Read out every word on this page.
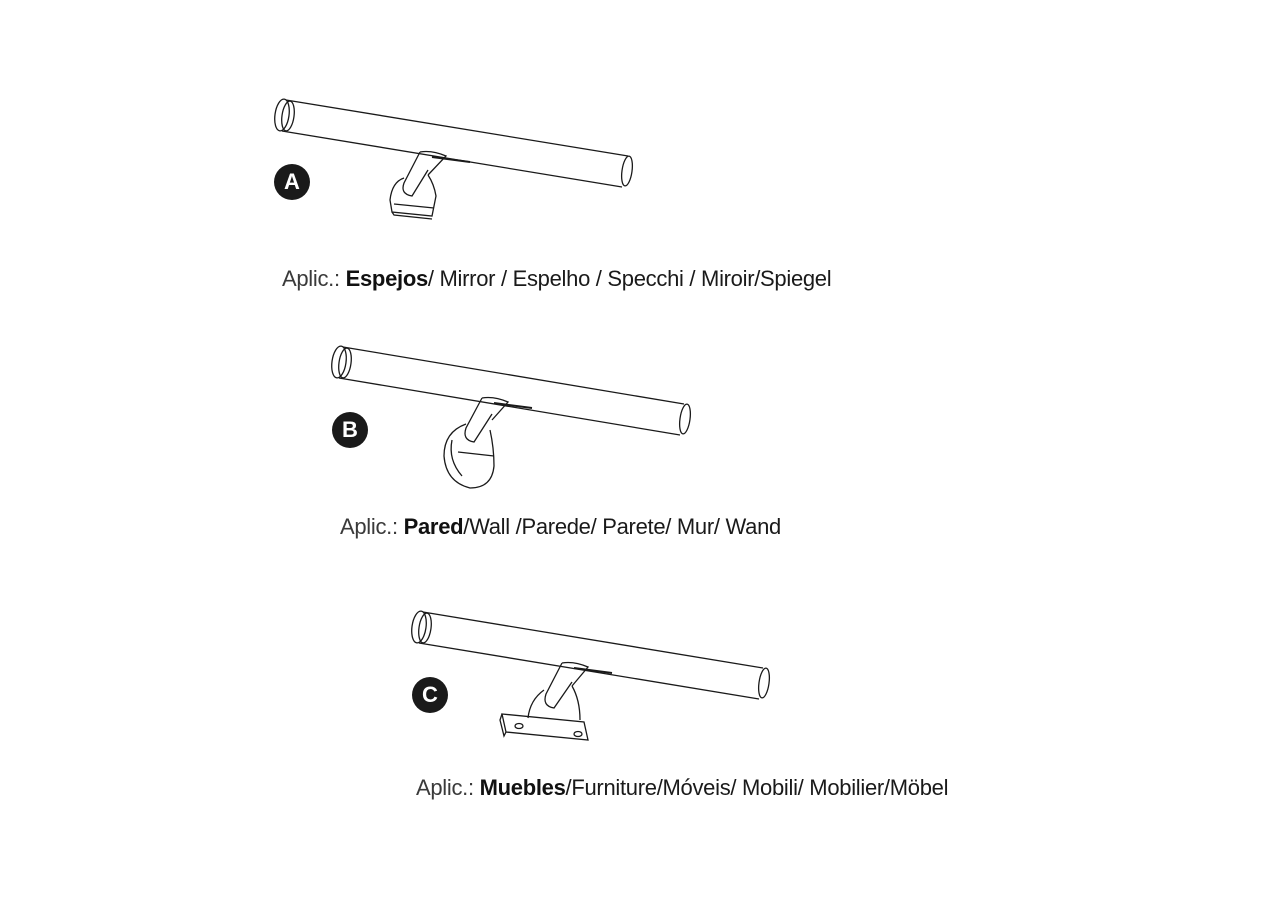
A
Aplic.: Espejos/ Mirror / Espelho / Specchi / Miroir/Spiegel
B
Aplic.: Pared/Wall /Parede/ Parete/ Mur/ Wand
C
Aplic.: Muebles/Furniture/Móveis/ Mobili/ Mobilier/Möbel
